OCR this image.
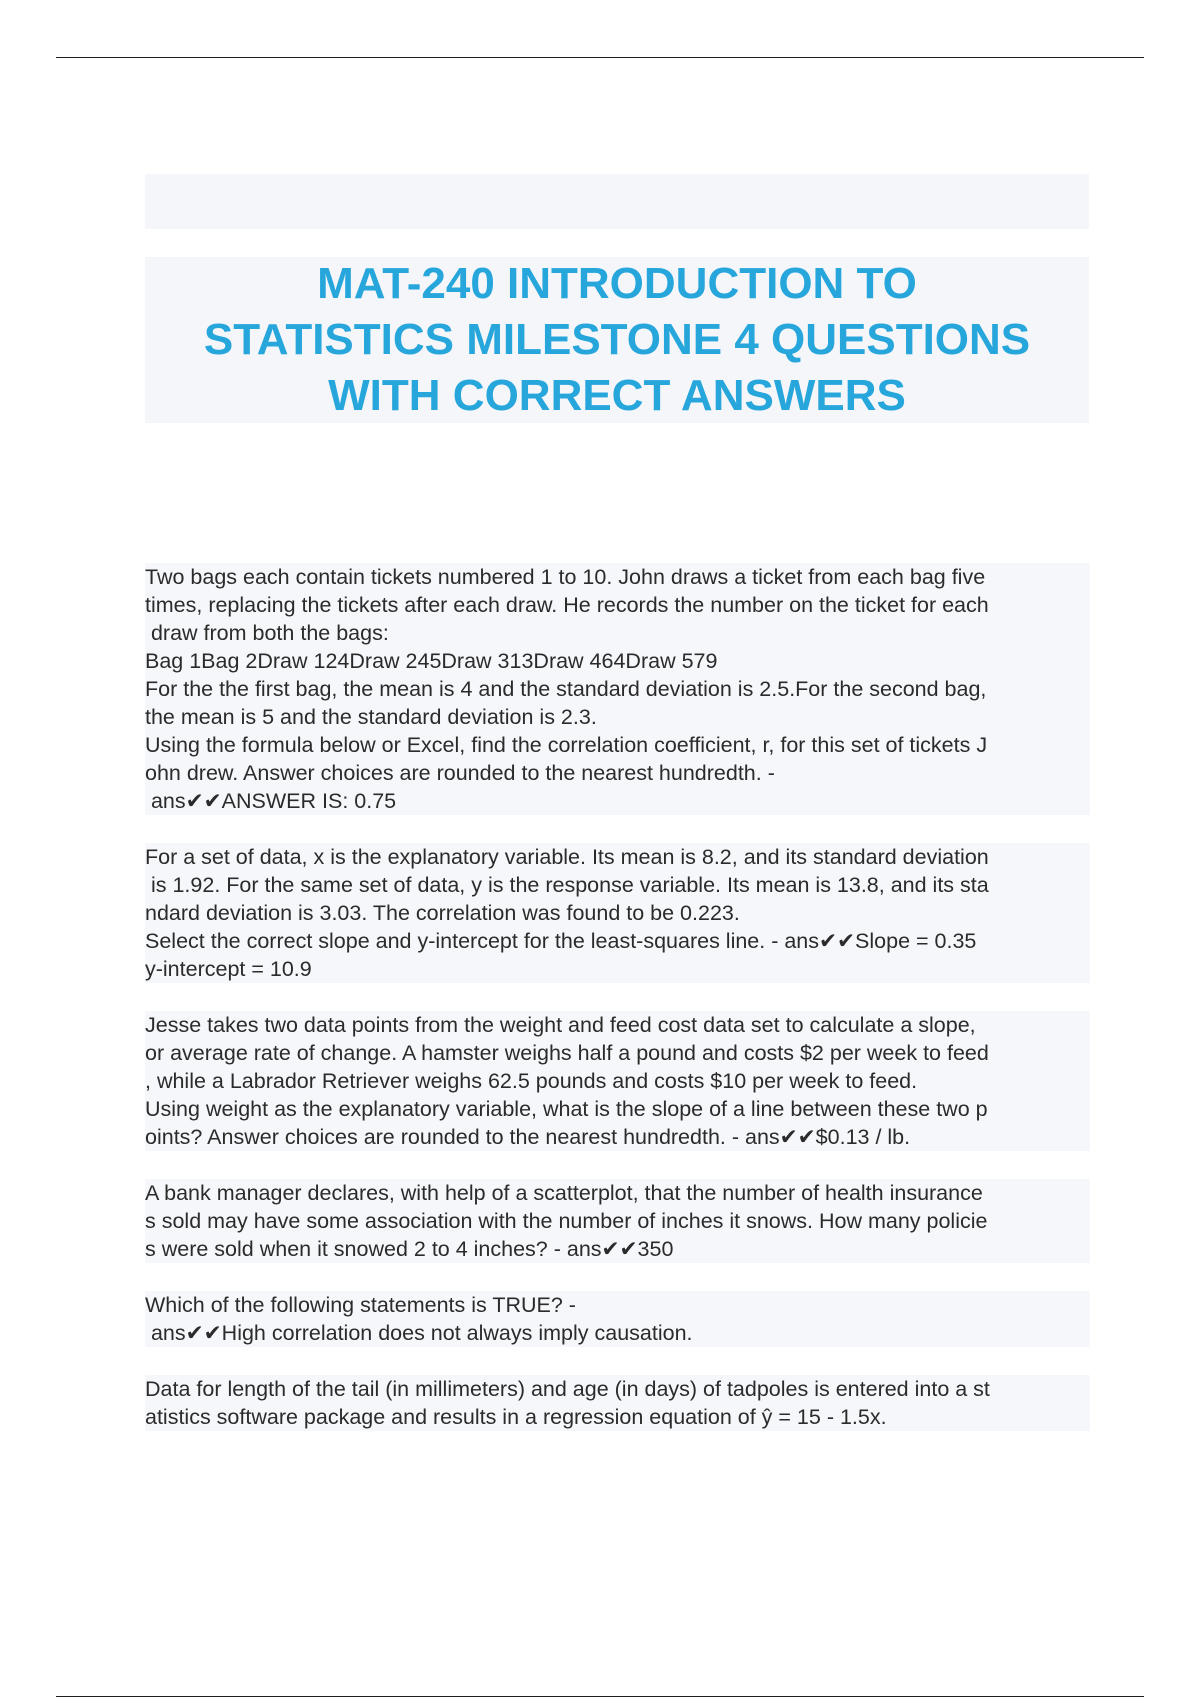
MAT-240 INTRODUCTION TO
STATISTICS MILESTONE 4 QUESTIONS
WITH CORRECT ANSWERS
Two bags each contain tickets numbered 1 to 10. John draws a ticket from each bag five
times, replacing the tickets after each draw. He records the number on the ticket for each
draw from both the bags:
Bag 1Bag 2Draw 124Draw 245Draw 313Draw 464Draw 579
For the the first bag, the mean is 4 and the standard deviation is 2.5.For the second bag,
the mean is 5 and the standard deviation is 2.3.
Using the formula below or Excel, find the correlation coefficient, r, for this set of tickets J
ohn drew. Answer choices are rounded to the nearest hundredth. -
ans✔✔ANSWER IS: 0.75
For a set of data, x is the explanatory variable. Its mean is 8.2, and its standard deviation
is 1.92. For the same set of data, y is the response variable. Its mean is 13.8, and its sta
ndard deviation is 3.03. The correlation was found to be 0.223.
Select the correct slope and y-intercept for the least-squares line. - ans✔✔Slope = 0.35
y-intercept = 10.9
Jesse takes two data points from the weight and feed cost data set to calculate a slope,
or average rate of change. A hamster weighs half a pound and costs $2 per week to feed
, while a Labrador Retriever weighs 62.5 pounds and costs $10 per week to feed.
Using weight as the explanatory variable, what is the slope of a line between these two p
oints? Answer choices are rounded to the nearest hundredth. - ans✔✔$0.13 / lb.
A bank manager declares, with help of a scatterplot, that the number of health insurance
s sold may have some association with the number of inches it snows. How many policie
s were sold when it snowed 2 to 4 inches? - ans✔✔350
Which of the following statements is TRUE? -
ans✔✔High correlation does not always imply causation.
Data for length of the tail (in millimeters) and age (in days) of tadpoles is entered into a st
atistics software package and results in a regression equation of ŷ = 15 - 1.5x.
